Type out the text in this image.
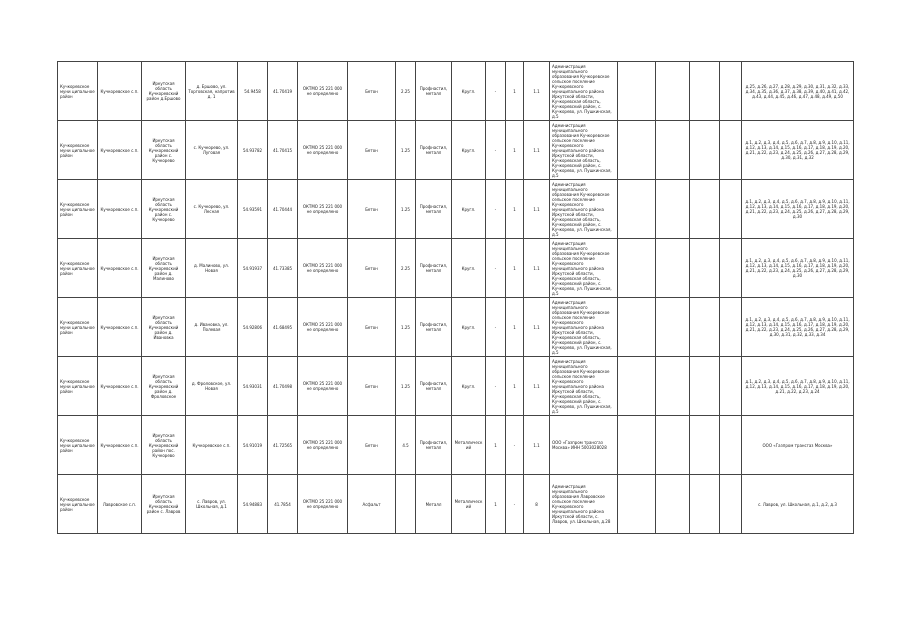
Кучкоревское муни ципальное район	Кучкоревское с.п.	Иркутская область Кучкоревский район д.Ершово	д. Ершово, ул. Торговская, напротив д. 1	54.9458	41.70419	ОКТМО 25 221 000 не определено	Бетон	2.25	Профнастил, металл	Кругл.	-	1	1.1	Администрация муниципального образования Кучкоревское сельское поселение Кучкоревского муниципального района Иркутской области, Кучкоревская область, Кучкоревский район, с. Кучкорево, ул. Пушкинская, д.5					д.25, д.26, д.27, д.28, д.29, д.30, д.31, д.32, д.33, д.34, д.35, д.36, д.37, д.38, д.39, д.40, д.41, д.42, д.43, д.44, д.45, д.46, д.47, д.48, д.49, д.50
Кучкоревское муни ципальное район	Кучкоревское с.п.	Иркутская область Кучкоревский район с. Кучкорево	с. Кучкорево, ул. Луговая	54.93782	41.70415	ОКТМО 25 221 000 не определено	Бетон	1.25	Профнастил, металл	Кругл.	-	1	1.1	Администрация муниципального образования Кучкоревское сельское поселение Кучкоревского муниципального района Иркутской области, Кучкоревская область, Кучкоревский район, с. Кучкорево, ул. Пушкинская, д.5					д.1, д.2, д.3, д.4, д.5, д.6, д.7, д.8, д.9, д.10, д.11, д.12, д.13, д.14, д.15, д.16, д.17, д.18, д.19, д.20, д.21, д.22, д.23, д.24, д.25, д.26, д.27, д.28, д.29, д.30, д.31, д.32
Кучкоревское муни ципальное район	Кучкоревское с.п.	Иркутская область Кучкоревский район с. Кучкорево	с. Кучкорево, ул. Лесная	54.93591	41.70444	ОКТМО 25 221 000 не определено	Бетон	1.25	Профнастил, металл	Кругл.	-	1	1.1	Администрация муниципального образования Кучкоревское сельское поселение Кучкоревского муниципального района Иркутской области, Кучкоревская область, Кучкоревский район, с. Кучкорево, ул. Пушкинская, д.5					д.1, д.2, д.3, д.4, д.5, д.6, д.7, д.8, д.9, д.10, д.11, д.12, д.13, д.14, д.15, д.16, д.17, д.18, д.19, д.20, д.21, д.22, д.23, д.24, д.25, д.26, д.27, д.28, д.29, д.30
Кучкоревское муни ципальное район	Кучкоревское с.п.	Иркутская область Кучкоревский район д. Малиново	д. Малиново, ул. Новая	54.91937	41.73385	ОКТМО 25 221 000 не определено	Бетон	2.25	Профнастил, металл	Кругл.	-	1	1.1	Администрация муниципального образования Кучкоревское сельское поселение Кучкоревского муниципального района Иркутской области, Кучкоревская область, Кучкоревский район, с. Кучкорево, ул. Пушкинская, д.5					д.1, д.2, д.3, д.4, д.5, д.6, д.7, д.8, д.9, д.10, д.11, д.12, д.13, д.14, д.15, д.16, д.17, д.18, д.19, д.20, д.21, д.22, д.23, д.24, д.25, д.26, д.27, д.28, д.29, д.30
Кучкоревское муни ципальное район	Кучкоревское с.п.	Иркутская область Кучкоревский район д. Ивановка	д. Ивановка, ул. Полевая	54.92806	41.68495	ОКТМО 25 221 000 не определено	Бетон	1.25	Профнастил, металл	Кругл.	-	1	1.1	Администрация муниципального образования Кучкоревское сельское поселение Кучкоревского муниципального района Иркутской области, Кучкоревская область, Кучкоревский район, с. Кучкорево, ул. Пушкинская, д.5					д.1, д.2, д.3, д.4, д.5, д.6, д.7, д.8, д.9, д.10, д.11, д.12, д.13, д.14, д.15, д.16, д.17, д.18, д.19, д.20, д.21, д.22, д.23, д.24, д.25, д.26, д.27, д.28, д.29, д.30, д.31, д.32, д.33, д.34
Кучкоревское муни ципальное район	Кучкоревское с.п.	Иркутская область Кучкоревский район д. Фроловское	д. Фроловское, ул. Новая	54.93031	41.70498	ОКТМО 25 221 000 не определено	Бетон	1.25	Профнастил, металл	Кругл.	-	1	1.1	Администрация муниципального образования Кучкоревское сельское поселение Кучкоревского муниципального района Иркутской области, Кучкоревская область, Кучкоревский район, с. Кучкорево, ул. Пушкинская, д.5					д.1, д.2, д.3, д.4, д.5, д.6, д.7, д.8, д.9, д.10, д.11, д.12, д.13, д.14, д.15, д.16, д.17, д.18, д.19, д.20, д.21, д.22, д.23, д.24
Кучкоревское муни ципальное район	Кучкоревское с.п.	Иркутская область Кучкоревский район пос. Кучкорево	Кучкоревское с.п.	54.91019	41.72565	ОКТМО 25 221 000 не определено	Бетон	4.5	Профнастил, металл	Металлический	1	-	1.1	ООО «Газпром трансгаз Москва» ИНН 5003028028					ООО «Газпром трансгаз Москва»
Кучкоревское муни ципальное район	Лавровское с.п.	Иркутская область Кучкоревский район с. Лавров	с. Лавров, ул. Школьная, д.1	54.94883	41.7854	ОКТМО 25 221 000 не определено	Асфальт		Металл	Металлический	1	-	8	Администрация муниципального образования Лавровское сельское поселение Кучкоревского муниципального района Иркутской области, с. Лавров, ул. Школьная, д.28					с. Лавров, ул. Школьная, д.1, д.2, д.3
